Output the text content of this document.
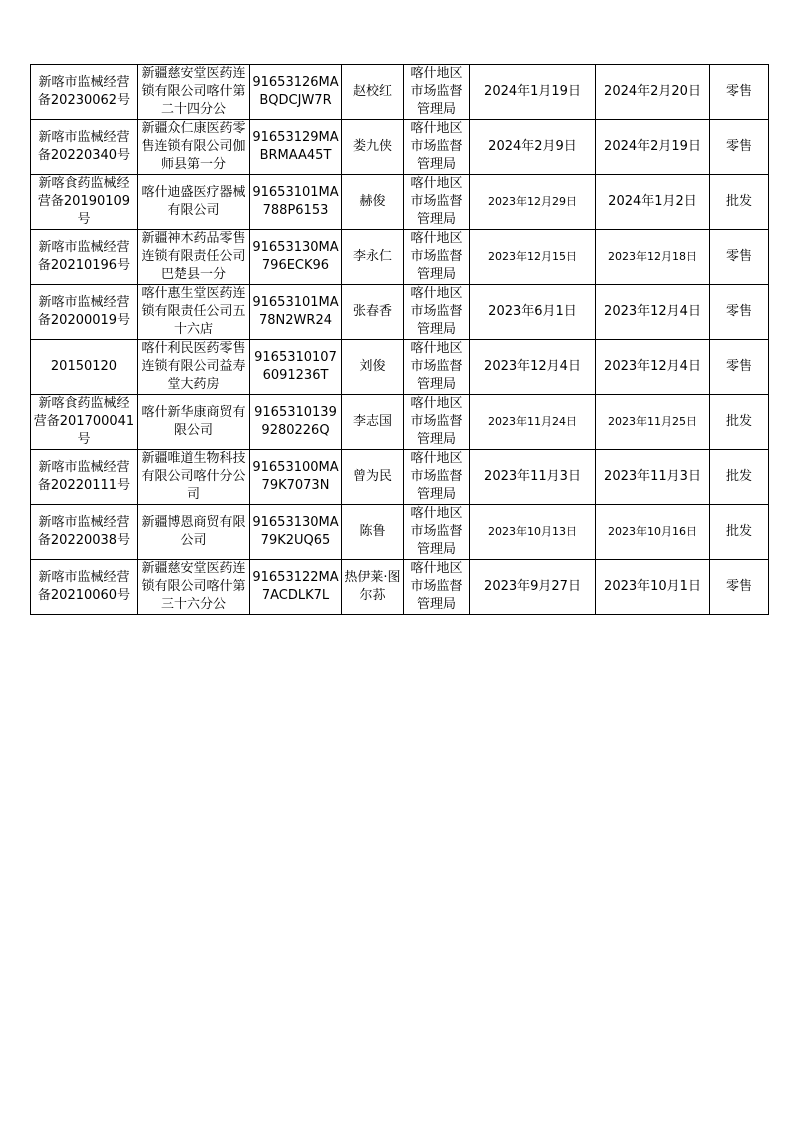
新喀市监械经营备20230062号	新疆慈安堂医药连锁有限公司喀什第二十四分公	91653126MABQDCJW7R	赵校红	喀什地区市场监督管理局	2024年1月19日	2024年2月20日	零售

新喀市监械经营备20220340号	新疆众仁康医药零售连锁有限公司伽师县第一分	91653129MABRMAA45T	娄九侠	喀什地区市场监督管理局	2024年2月9日	2024年2月19日	零售

新喀食药监械经营备20190109号	喀什迪盛医疗器械有限公司	91653101MA788P6153	赫俊	喀什地区市场监督管理局	2023年12月29日	2024年1月2日	批发

新喀市监械经营备20210196号	新疆神木药品零售连锁有限责任公司巴楚县一分	91653130MA796ECK96	李永仁	喀什地区市场监督管理局	2023年12月15日	2023年12月18日	零售

新喀市监械经营备20200019号	喀什惠生堂医药连锁有限责任公司五十六店	91653101MA78N2WR24	张春香	喀什地区市场监督管理局	2023年6月1日	2023年12月4日	零售

20150120	喀什利民医药零售连锁有限公司益寿堂大药房	91653101076091236T	刘俊	喀什地区市场监督管理局	2023年12月4日	2023年12月4日	零售

新喀食药监械经营备201700041号	喀什新华康商贸有限公司	91653101399280226Q	李志国	喀什地区市场监督管理局	2023年11月24日	2023年11月25日	批发

新喀市监械经营备20220111号	新疆唯道生物科技有限公司喀什分公司	91653100MA79K7073N	曾为民	喀什地区市场监督管理局	2023年11月3日	2023年11月3日	批发

新喀市监械经营备20220038号	新疆博恩商贸有限公司	91653130MA79K2UQ65	陈鲁	喀什地区市场监督管理局	2023年10月13日	2023年10月16日	批发

新喀市监械经营备20210060号	新疆慈安堂医药连锁有限公司喀什第三十六分公	91653122MA7ACDLK7L	热伊莱·图尔荪	喀什地区市场监督管理局	2023年9月27日	2023年10月1日	零售
